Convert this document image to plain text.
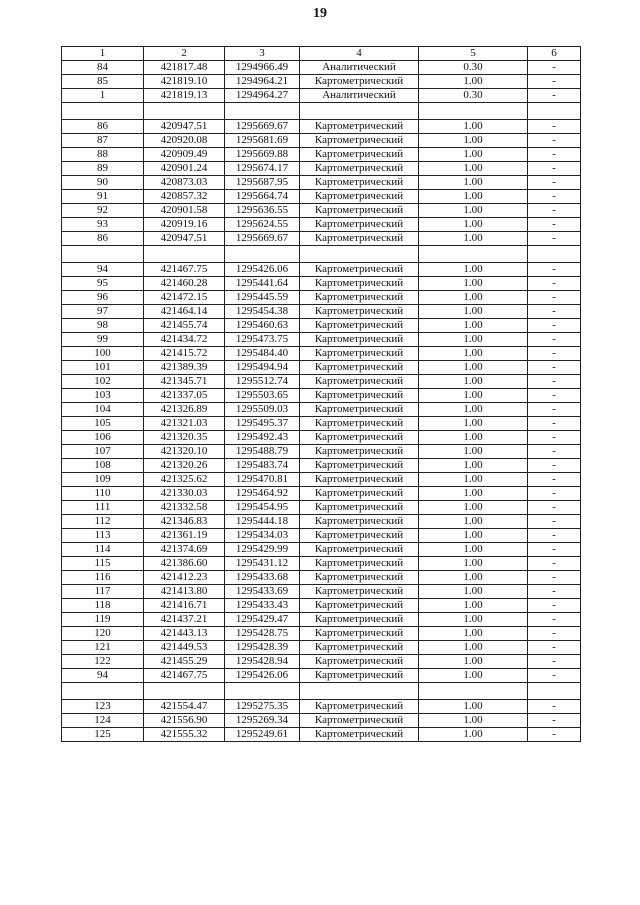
19
1	2	3	4	5	6
84	421817.48	1294966.49	Аналитический	0.30	-
85	421819.10	1294964.21	Картометрический	1.00	-
1	421819.13	1294964.27	Аналитический	0.30	-

86	420947.51	1295669.67	Картометрический	1.00	-
87	420920.08	1295681.69	Картометрический	1.00	-
88	420909.49	1295669.88	Картометрический	1.00	-
89	420901.24	1295674.17	Картометрический	1.00	-
90	420873.03	1295687.95	Картометрический	1.00	-
91	420857.32	1295664.74	Картометрический	1.00	-
92	420901.58	1295636.55	Картометрический	1.00	-
93	420919.16	1295624.55	Картометрический	1.00	-
86	420947.51	1295669.67	Картометрический	1.00	-

94	421467.75	1295426.06	Картометрический	1.00	-
95	421460.28	1295441.64	Картометрический	1.00	-
96	421472.15	1295445.59	Картометрический	1.00	-
97	421464.14	1295454.38	Картометрический	1.00	-
98	421455.74	1295460.63	Картометрический	1.00	-
99	421434.72	1295473.75	Картометрический	1.00	-
100	421415.72	1295484.40	Картометрический	1.00	-
101	421389.39	1295494.94	Картометрический	1.00	-
102	421345.71	1295512.74	Картометрический	1.00	-
103	421337.05	1295503.65	Картометрический	1.00	-
104	421326.89	1295509.03	Картометрический	1.00	-
105	421321.03	1295495.37	Картометрический	1.00	-
106	421320.35	1295492.43	Картометрический	1.00	-
107	421320.10	1295488.79	Картометрический	1.00	-
108	421320.26	1295483.74	Картометрический	1.00	-
109	421325.62	1295470.81	Картометрический	1.00	-
110	421330.03	1295464.92	Картометрический	1.00	-
111	421332.58	1295454.95	Картометрический	1.00	-
112	421346.83	1295444.18	Картометрический	1.00	-
113	421361.19	1295434.03	Картометрический	1.00	-
114	421374.69	1295429.99	Картометрический	1.00	-
115	421386.60	1295431.12	Картометрический	1.00	-
116	421412.23	1295433.68	Картометрический	1.00	-
117	421413.80	1295433.69	Картометрический	1.00	-
118	421416.71	1295433.43	Картометрический	1.00	-
119	421437.21	1295429.47	Картометрический	1.00	-
120	421443.13	1295428.75	Картометрический	1.00	-
121	421449.53	1295428.39	Картометрический	1.00	-
122	421455.29	1295428.94	Картометрический	1.00	-
94	421467.75	1295426.06	Картометрический	1.00	-

123	421554.47	1295275.35	Картометрический	1.00	-
124	421556.90	1295269.34	Картометрический	1.00	-
125	421555.32	1295249.61	Картометрический	1.00	-
